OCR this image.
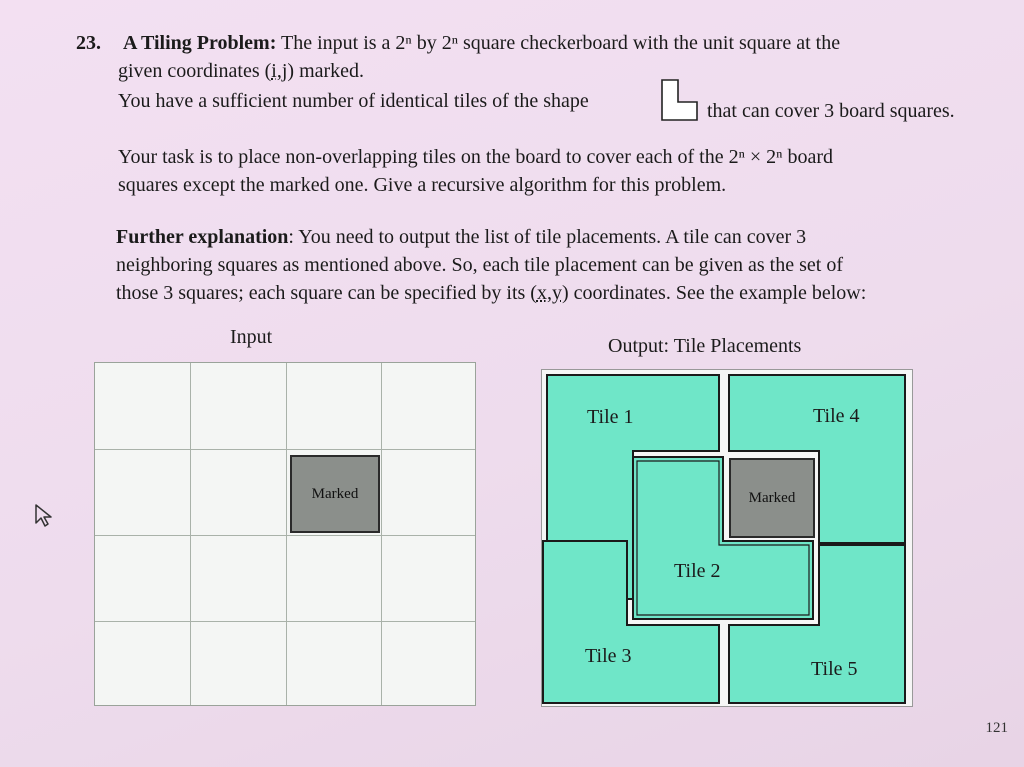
23. A Tiling Problem: The input is a 2ⁿ by 2ⁿ square checkerboard with the unit square at the
given coordinates (i,j) marked.
You have a sufficient number of identical tiles of the shape	that can cover 3 board squares.
Your task is to place non-overlapping tiles on the board to cover each of the 2ⁿ × 2ⁿ board
squares except the marked one. Give a recursive algorithm for this problem.
Further explanation: You need to output the list of tile placements. A tile can cover 3
neighboring squares as mentioned above. So, each tile placement can be given as the set of
those 3 squares; each square can be specified by its (x,y) coordinates. See the example below:
Input	Output: Tile Placements
Marked	Marked
Tile 1
Tile 2
Tile 3
Tile 4
Tile 5
121
